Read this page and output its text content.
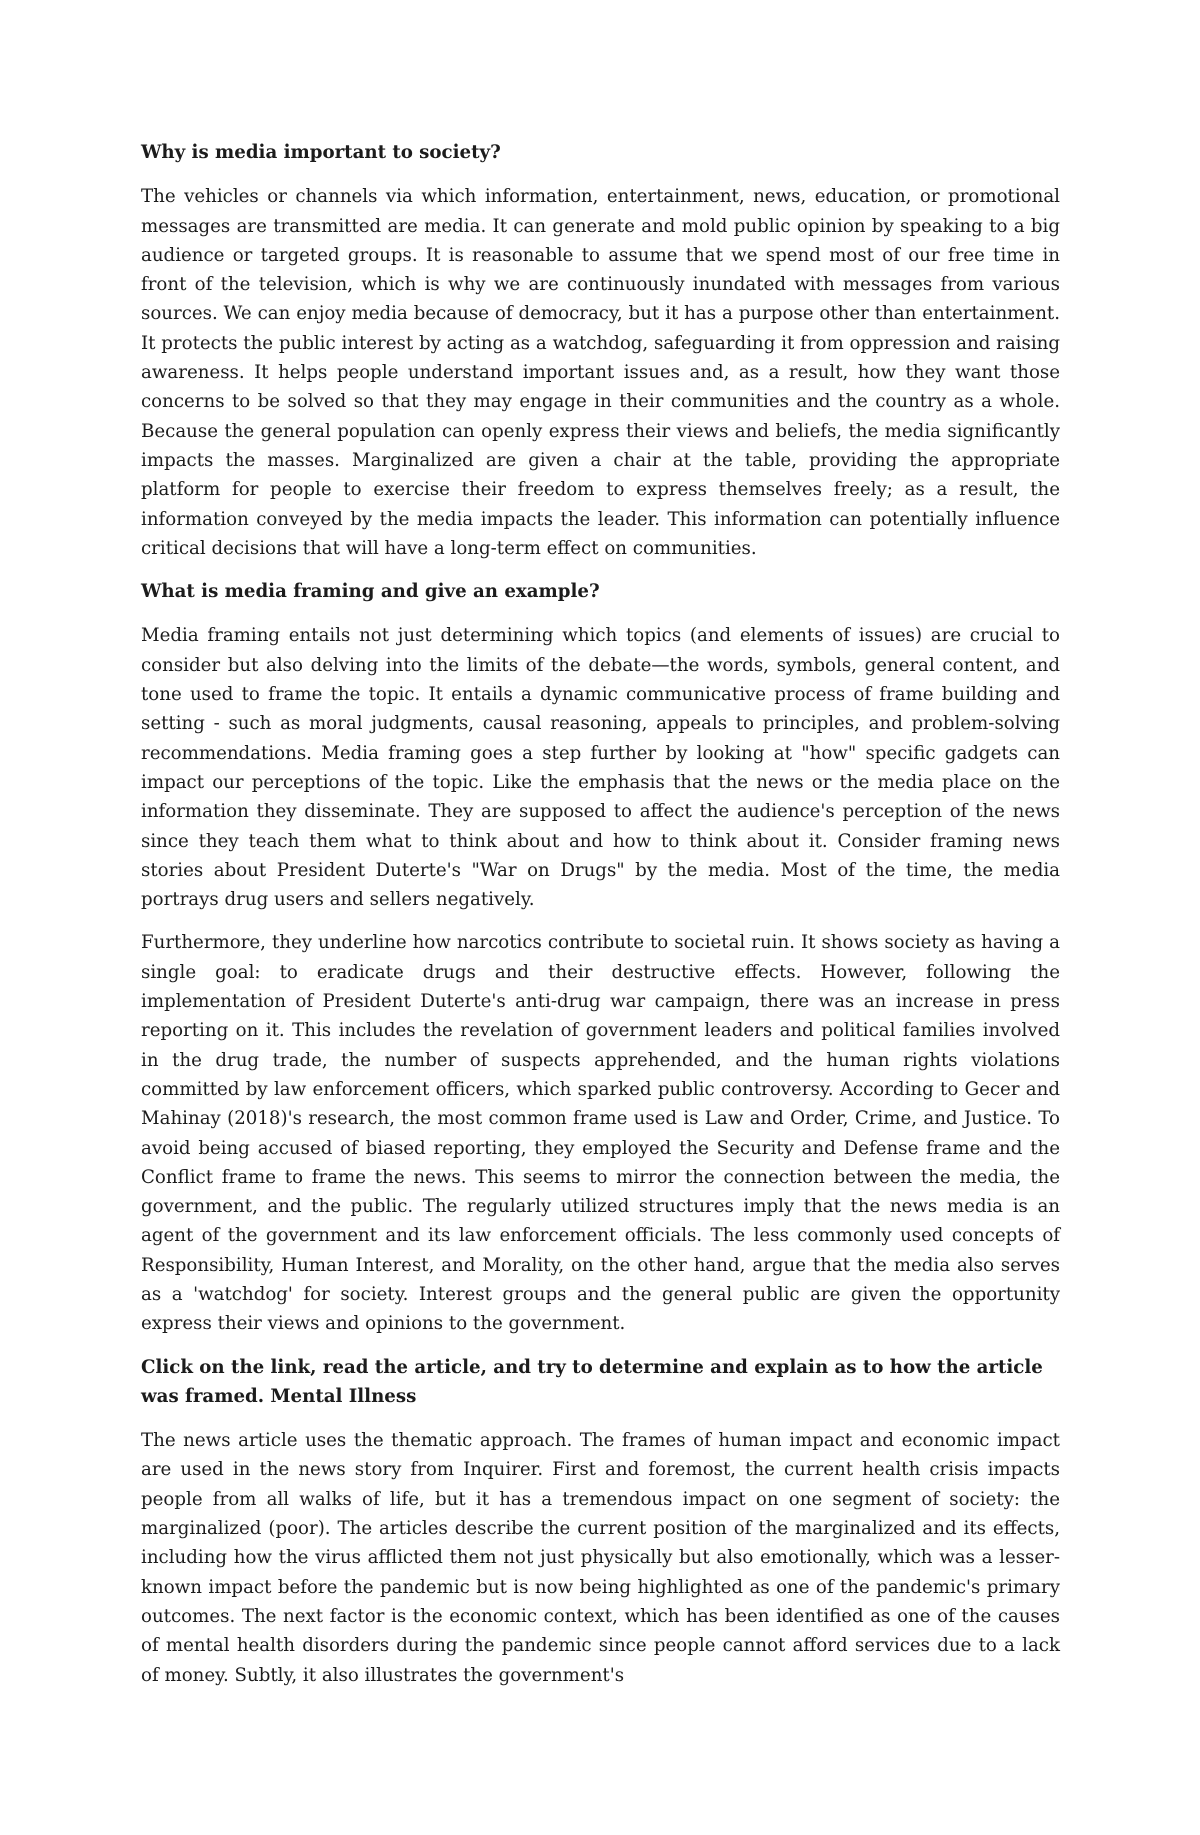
Why is media important to society?

The vehicles or channels via which information, entertainment, news, education, or promotional messages are transmitted are media. It can generate and mold public opinion by speaking to a big audience or targeted groups. It is reasonable to assume that we spend most of our free time in front of the television, which is why we are continuously inundated with messages from various sources. We can enjoy media because of democracy, but it has a purpose other than entertainment. It protects the public interest by acting as a watchdog, safeguarding it from oppression and raising awareness. It helps people understand important issues and, as a result, how they want those concerns to be solved so that they may engage in their communities and the country as a whole. Because the general population can openly express their views and beliefs, the media significantly impacts the masses. Marginalized are given a chair at the table, providing the appropriate platform for people to exercise their freedom to express themselves freely; as a result, the information conveyed by the media impacts the leader. This information can potentially influence critical decisions that will have a long-term effect on communities.

What is media framing and give an example?

Media framing entails not just determining which topics (and elements of issues) are crucial to consider but also delving into the limits of the debate—the words, symbols, general content, and tone used to frame the topic. It entails a dynamic communicative process of frame building and setting - such as moral judgments, causal reasoning, appeals to principles, and problem-solving recommendations. Media framing goes a step further by looking at "how" specific gadgets can impact our perceptions of the topic. Like the emphasis that the news or the media place on the information they disseminate. They are supposed to affect the audience's perception of the news since they teach them what to think about and how to think about it. Consider framing news stories about President Duterte's "War on Drugs" by the media. Most of the time, the media portrays drug users and sellers negatively.

Furthermore, they underline how narcotics contribute to societal ruin. It shows society as having a single goal: to eradicate drugs and their destructive effects. However, following the implementation of President Duterte's anti-drug war campaign, there was an increase in press reporting on it. This includes the revelation of government leaders and political families involved in the drug trade, the number of suspects apprehended, and the human rights violations committed by law enforcement officers, which sparked public controversy. According to Gecer and Mahinay (2018)'s research, the most common frame used is Law and Order, Crime, and Justice. To avoid being accused of biased reporting, they employed the Security and Defense frame and the Conflict frame to frame the news. This seems to mirror the connection between the media, the government, and the public. The regularly utilized structures imply that the news media is an agent of the government and its law enforcement officials. The less commonly used concepts of Responsibility, Human Interest, and Morality, on the other hand, argue that the media also serves as a 'watchdog' for society. Interest groups and the general public are given the opportunity express their views and opinions to the government.

Click on the link, read the article, and try to determine and explain as to how the article was framed. Mental Illness

The news article uses the thematic approach. The frames of human impact and economic impact are used in the news story from Inquirer. First and foremost, the current health crisis impacts people from all walks of life, but it has a tremendous impact on one segment of society: the marginalized (poor). The articles describe the current position of the marginalized and its effects, including how the virus afflicted them not just physically but also emotionally, which was a lesser-known impact before the pandemic but is now being highlighted as one of the pandemic's primary outcomes. The next factor is the economic context, which has been identified as one of the causes of mental health disorders during the pandemic since people cannot afford services due to a lack of money. Subtly, it also illustrates the government's
